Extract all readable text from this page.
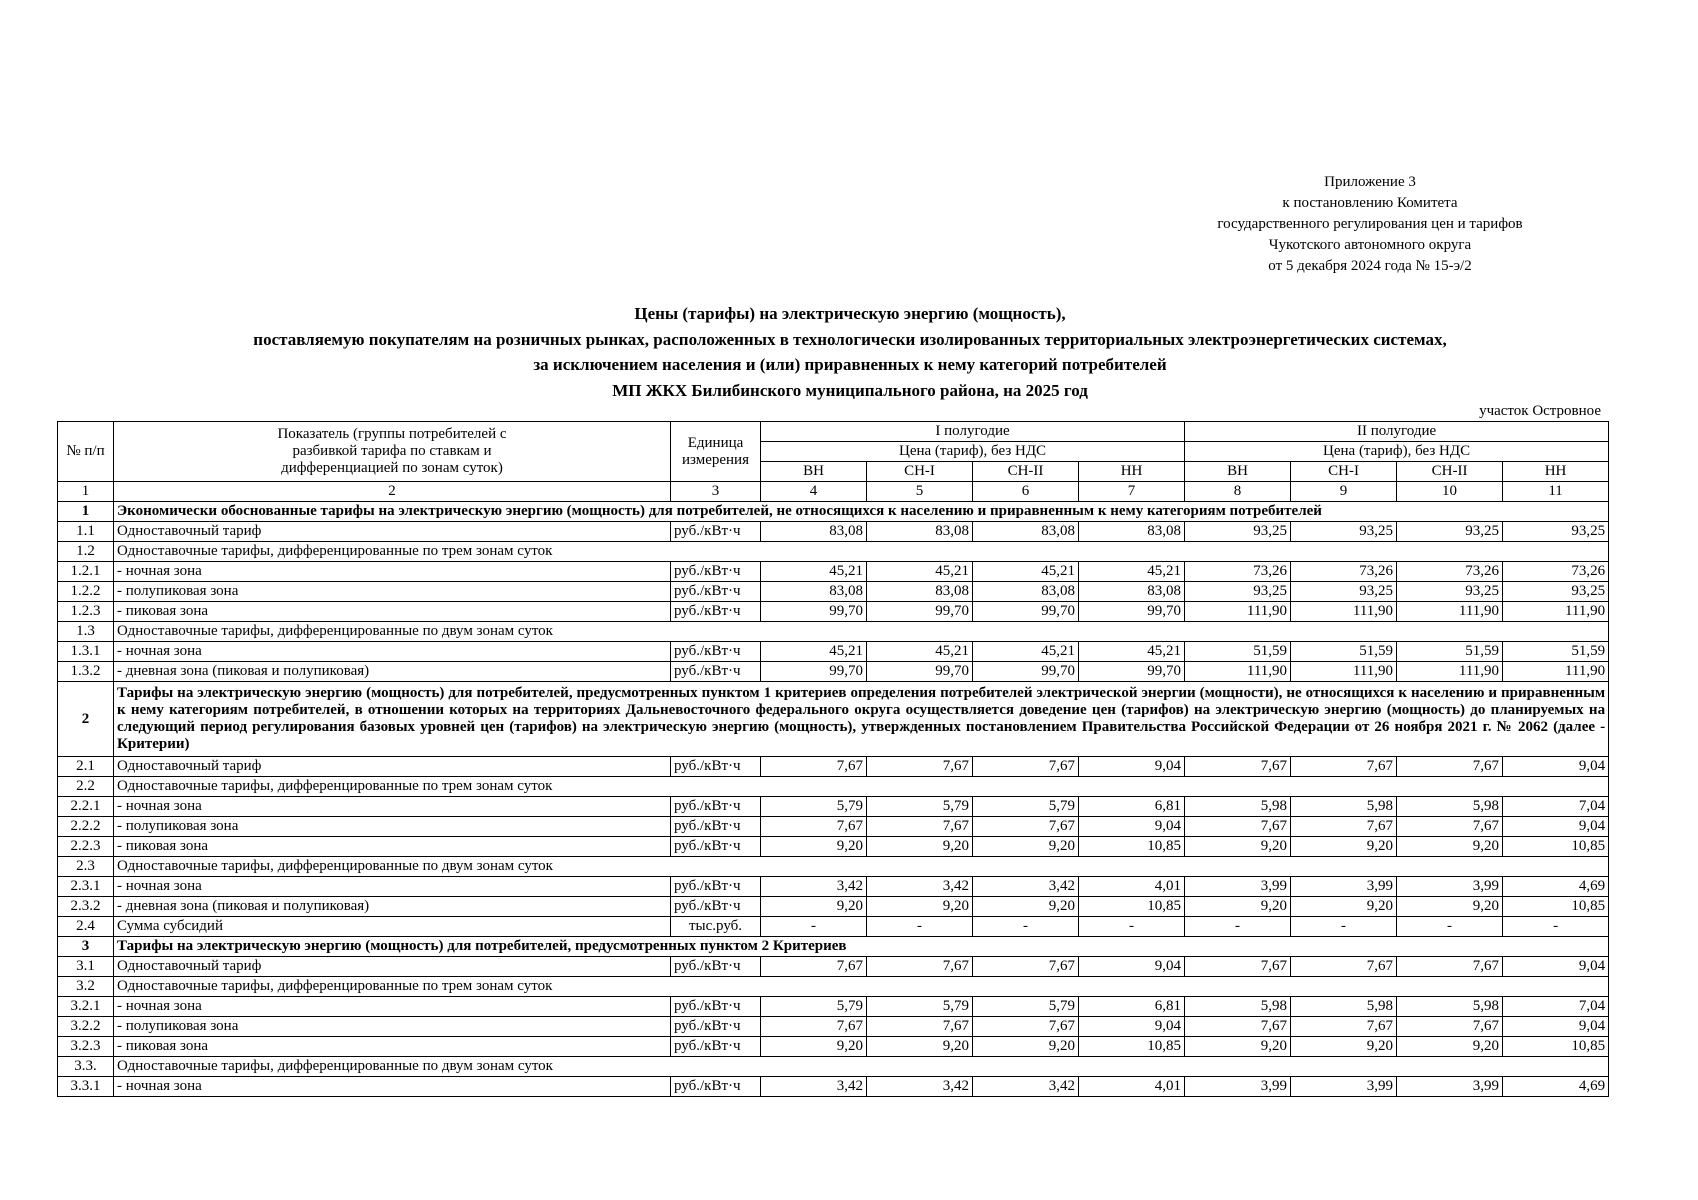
Приложение 3
к постановлению Комитета
государственного регулирования цен и тарифов
Чукотского автономного округа
от 5 декабря 2024 года № 15-э/2
Цены (тарифы) на электрическую энергию (мощность),
поставляемую покупателям на розничных рынках, расположенных в технологически изолированных территориальных электроэнергетических системах,
за исключением населения и (или) приравненных к нему категорий потребителей
МП ЖКХ Билибинского муниципального района, на 2025 год
участок Островное
№ п/п	Показатель (группы потребителей с разбивкой тарифа по ставкам и дифференциацией по зонам суток)	Единица измерения	I полугодие				II полугодие			
			Цена (тариф), без НДС				Цена (тариф), без НДС			
			ВН	СН-I	СН-II	НН	ВН	СН-I	СН-II	НН
1	2	3	4	5	6	7	8	9	10	11
1	Экономически обоснованные тарифы на электрическую энергию (мощность) для потребителей, не относящихся к населению и приравненным к нему категориям потребителей									
1.1	Одноставочный тариф	руб./кВт·ч	83,08	83,08	83,08	83,08	93,25	93,25	93,25	93,25
1.2	Одноставочные тарифы, дифференцированные по трем зонам суток									
1.2.1	- ночная зона	руб./кВт·ч	45,21	45,21	45,21	45,21	73,26	73,26	73,26	73,26
1.2.2	- полупиковая зона	руб./кВт·ч	83,08	83,08	83,08	83,08	93,25	93,25	93,25	93,25
1.2.3	- пиковая зона	руб./кВт·ч	99,70	99,70	99,70	99,70	111,90	111,90	111,90	111,90
1.3	Одноставочные тарифы, дифференцированные по двум зонам суток									
1.3.1	- ночная зона	руб./кВт·ч	45,21	45,21	45,21	45,21	51,59	51,59	51,59	51,59
1.3.2	- дневная зона (пиковая и полупиковая)	руб./кВт·ч	99,70	99,70	99,70	99,70	111,90	111,90	111,90	111,90
2	Тарифы на электрическую энергию (мощность) для потребителей, предусмотренных пунктом 1 критериев определения потребителей электрической энергии (мощности), не относящихся к населению и приравненным к нему категориям потребителей, в отношении которых на территориях Дальневосточного федерального округа осуществляется доведение цен (тарифов) на электрическую энергию (мощность) до планируемых на следующий период регулирования базовых уровней цен (тарифов) на электрическую энергию (мощность), утвержденных постановлением Правительства Российской Федерации от 26 ноября 2021 г. № 2062 (далее - Критерии)									
2.1	Одноставочный тариф	руб./кВт·ч	7,67	7,67	7,67	9,04	7,67	7,67	7,67	9,04
2.2	Одноставочные тарифы, дифференцированные по трем зонам суток									
2.2.1	- ночная зона	руб./кВт·ч	5,79	5,79	5,79	6,81	5,98	5,98	5,98	7,04
2.2.2	- полупиковая зона	руб./кВт·ч	7,67	7,67	7,67	9,04	7,67	7,67	7,67	9,04
2.2.3	- пиковая зона	руб./кВт·ч	9,20	9,20	9,20	10,85	9,20	9,20	9,20	10,85
2.3	Одноставочные тарифы, дифференцированные по двум зонам суток									
2.3.1	- ночная зона	руб./кВт·ч	3,42	3,42	3,42	4,01	3,99	3,99	3,99	4,69
2.3.2	- дневная зона (пиковая и полупиковая)	руб./кВт·ч	9,20	9,20	9,20	10,85	9,20	9,20	9,20	10,85
2.4	Сумма субсидий	тыс.руб.	-	-	-	-	-	-	-	-
3	Тарифы на электрическую энергию (мощность) для потребителей, предусмотренных пунктом 2 Критериев									
3.1	Одноставочный тариф	руб./кВт·ч	7,67	7,67	7,67	9,04	7,67	7,67	7,67	9,04
3.2	Одноставочные тарифы, дифференцированные по трем зонам суток									
3.2.1	- ночная зона	руб./кВт·ч	5,79	5,79	5,79	6,81	5,98	5,98	5,98	7,04
3.2.2	- полупиковая зона	руб./кВт·ч	7,67	7,67	7,67	9,04	7,67	7,67	7,67	9,04
3.2.3	- пиковая зона	руб./кВт·ч	9,20	9,20	9,20	10,85	9,20	9,20	9,20	10,85
3.3.	Одноставочные тарифы, дифференцированные по двум зонам суток									
3.3.1	- ночная зона	руб./кВт·ч	3,42	3,42	3,42	4,01	3,99	3,99	3,99	4,69
